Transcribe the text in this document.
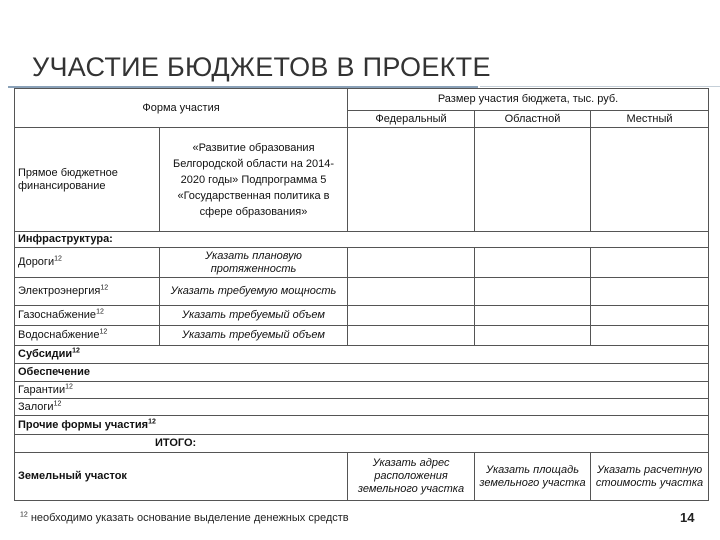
УЧАСТИЕ БЮДЖЕТОВ В ПРОЕКТЕ
Форма участия		Размер участия бюджета, тыс. руб.		
		Федеральный	Областной	Местный
Прямое бюджетное финансирование	«Развитие образования Белгородской области на 2014-2020 годы» Подпрограмма 5 «Государственная политика в сфере образования»			
Инфраструктура:				
Дороги$^{12}$	Указать плановую протяженность			
Электроэнергия$^{12}$	Указать требуемую мощность			
Газоснабжение$^{12}$	Указать требуемый объем			
Водоснабжение$^{12}$	Указать требуемый объем			
Субсидии$^{12}$
Обеспечение				
Гарантии$^{12}$
Залоги$^{12}$
Прочие формы участия$^{12}$
ИТОГО:				
Земельный участок		Указать адрес расположения земельного участка	Указать площадь земельного участка	Указать расчетную стоимость участка
$^{12}$ необходимо указать основание выделение денежных средств	14
